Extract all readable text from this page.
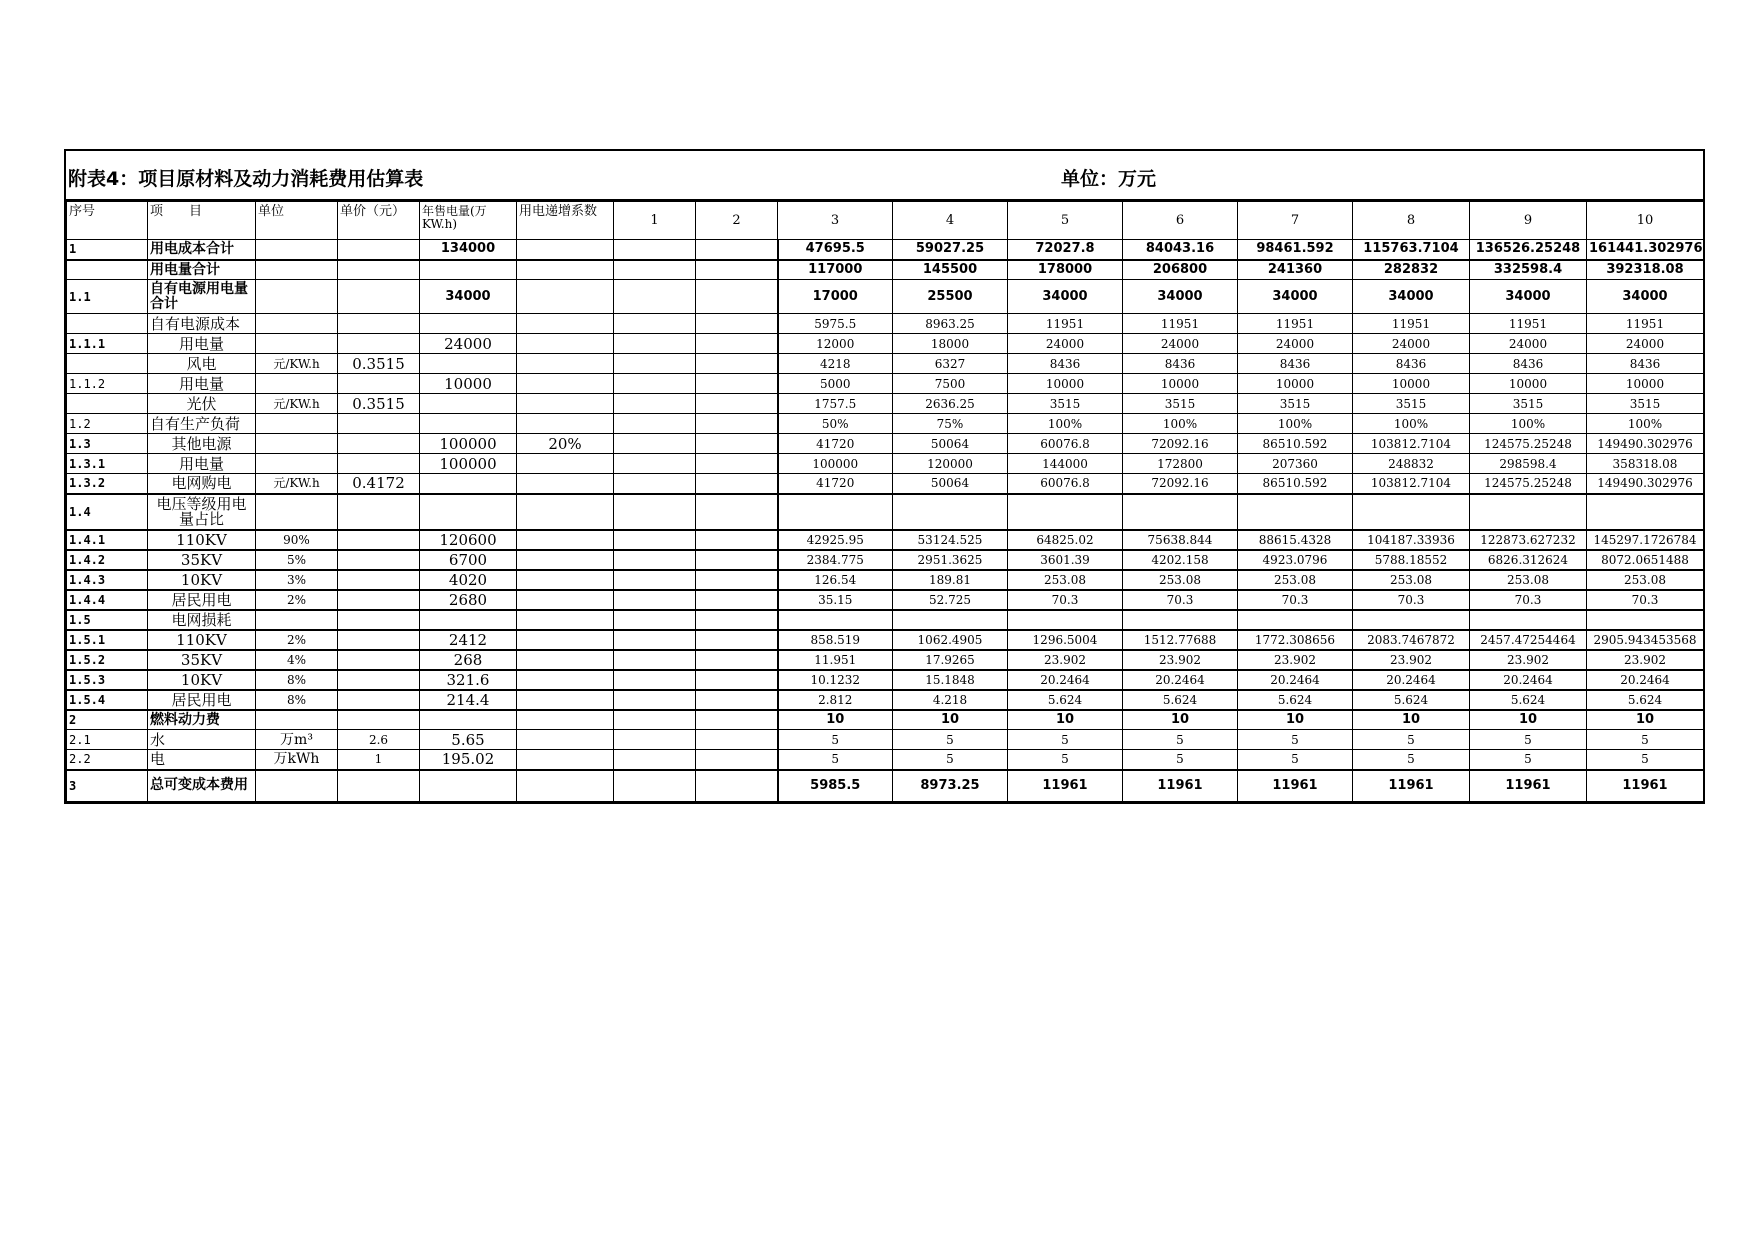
附表4：项目原材料及动力消耗费用估算表	单位：万元
序号	项　　目	单位	单价（元）	年售电量(万KW.h)	用电递增系数	1	2	3	4	5	6	7	8	9	10
1	用电成本合计			134000				47695.5	59027.25	72027.8	84043.16	98461.592	115763.7104	136526.25248	161441.302976
	用电量合计							117000	145500	178000	206800	241360	282832	332598.4	392318.08
1.1	自有电源用电量合计			34000				17000	25500	34000	34000	34000	34000	34000	34000
	自有电源成本							5975.5	8963.25	11951	11951	11951	11951	11951	11951
1.1.1	用电量			24000				12000	18000	24000	24000	24000	24000	24000	24000
	风电	元/KW.h	0.3515					4218	6327	8436	8436	8436	8436	8436	8436
1.1.2	用电量			10000				5000	7500	10000	10000	10000	10000	10000	10000
	光伏	元/KW.h	0.3515					1757.5	2636.25	3515	3515	3515	3515	3515	3515
1.2	自有生产负荷							50%	75%	100%	100%	100%	100%	100%	100%
1.3	其他电源			100000	20%			41720	50064	60076.8	72092.16	86510.592	103812.7104	124575.25248	149490.302976
1.3.1	用电量			100000				100000	120000	144000	172800	207360	248832	298598.4	358318.08
1.3.2	电网购电	元/KW.h	0.4172					41720	50064	60076.8	72092.16	86510.592	103812.7104	124575.25248	149490.302976
1.4	电压等级用电量占比														
1.4.1	110KV	90%		120600				42925.95	53124.525	64825.02	75638.844	88615.4328	104187.33936	122873.627232	145297.1726784
1.4.2	35KV	5%		6700				2384.775	2951.3625	3601.39	4202.158	4923.0796	5788.18552	6826.312624	8072.0651488
1.4.3	10KV	3%		4020				126.54	189.81	253.08	253.08	253.08	253.08	253.08	253.08
1.4.4	居民用电	2%		2680				35.15	52.725	70.3	70.3	70.3	70.3	70.3	70.3
1.5	电网损耗														
1.5.1	110KV	2%		2412				858.519	1062.4905	1296.5004	1512.77688	1772.308656	2083.7467872	2457.47254464	2905.943453568
1.5.2	35KV	4%		268				11.951	17.9265	23.902	23.902	23.902	23.902	23.902	23.902
1.5.3	10KV	8%		321.6				10.1232	15.1848	20.2464	20.2464	20.2464	20.2464	20.2464	20.2464
1.5.4	居民用电	8%		214.4				2.812	4.218	5.624	5.624	5.624	5.624	5.624	5.624
2	燃料动力费							10	10	10	10	10	10	10	10
2.1	水	万m³	2.6	5.65				5	5	5	5	5	5	5	5
2.2	电	万kWh	1	195.02				5	5	5	5	5	5	5	5
3	总可变成本费用							5985.5	8973.25	11961	11961	11961	11961	11961	11961
